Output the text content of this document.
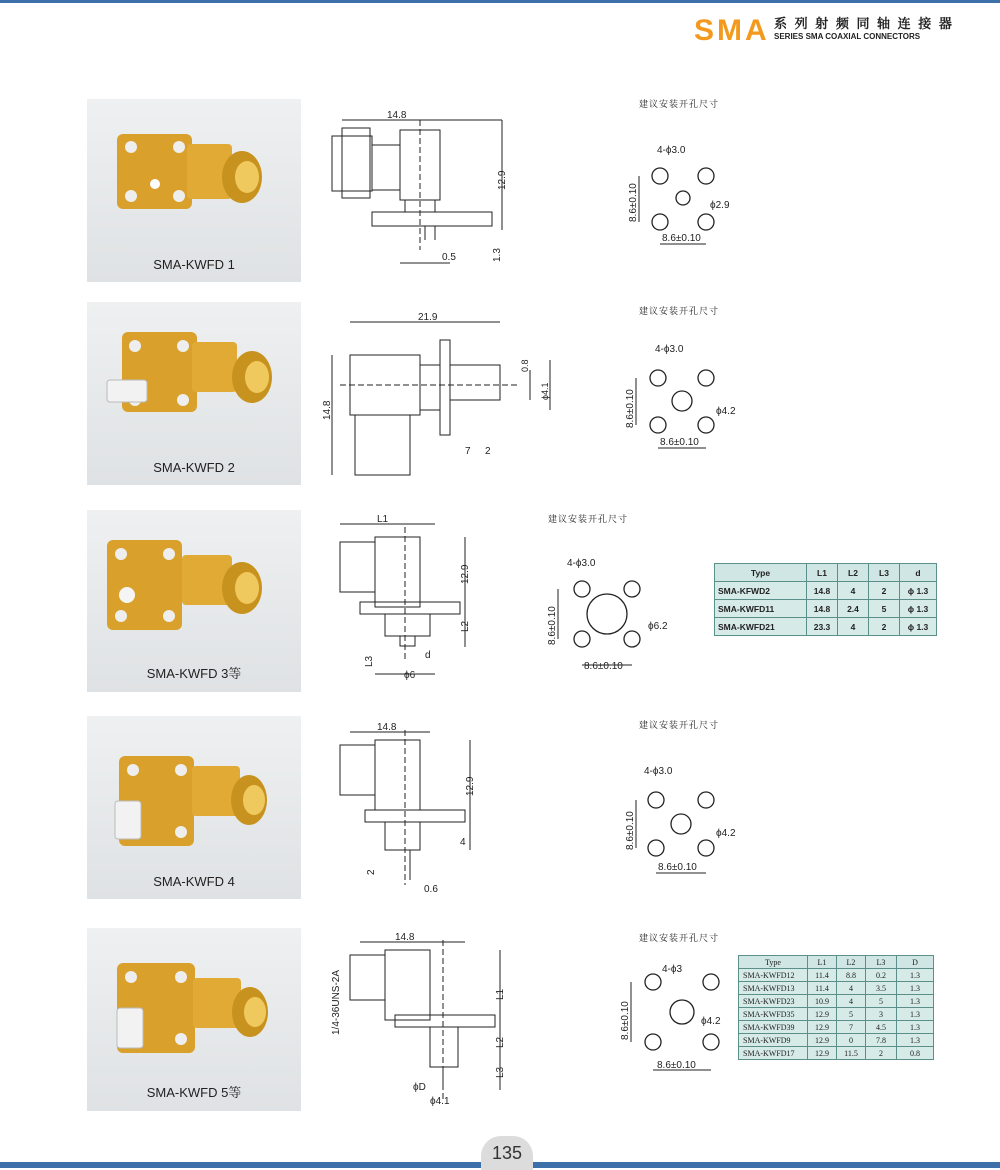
SMA 系 列 射 频 同 轴 连 接 器
SERIES SMA COAXIAL CONNECTORS
SMA-KWFD 1
SMA-KWFD 2
SMA-KWFD 3等
SMA-KWFD 4
SMA-KWFD 5等
14.8
12.9
0.5	1.3
21.9
14.8
0.8
ϕ4.1
7 2
L1
12.9
L2
L3
d
ϕ6
14.8
12.9
4
2
0.6
14.8
1/4-36UNS-2A	L1
L2
L3
ϕD
ϕ4.1
建议安装开孔尺寸
4-ϕ3.0
ϕ2.9
8.6±0.10
8.6±0.10
建议安装开孔尺寸
4-ϕ3.0
ϕ4.2
8.6±0.10
8.6±0.10
建议安装开孔尺寸
4-ϕ3.0
ϕ6.2
8.6±0.10
8.6±0.10
建议安装开孔尺寸
4-ϕ3.0
ϕ4.2
8.6±0.10
8.6±0.10
建议安装开孔尺寸
4-ϕ3
ϕ4.2
8.6±0.10
8.6±0.10
Type	L1	L2	L3	d
SMA-KFWD2	14.8	4	2	ϕ 1.3
SMA-KWFD11	14.8	2.4	5	ϕ 1.3
SMA-KWFD21	23.3	4	2	ϕ 1.3
Type	L1	L2	L3	D
SMA-KWFD12	11.4	8.8	0.2	1.3
SMA-KWFD13	11.4	4	3.5	1.3
SMA-KWFD23	10.9	4	5	1.3
SMA-KWFD35	12.9	5	3	1.3
SMA-KWFD39	12.9	7	4.5	1.3
SMA-KWFD9	12.9	0	7.8	1.3
SMA-KWFD17	12.9	11.5	2	0.8
135
